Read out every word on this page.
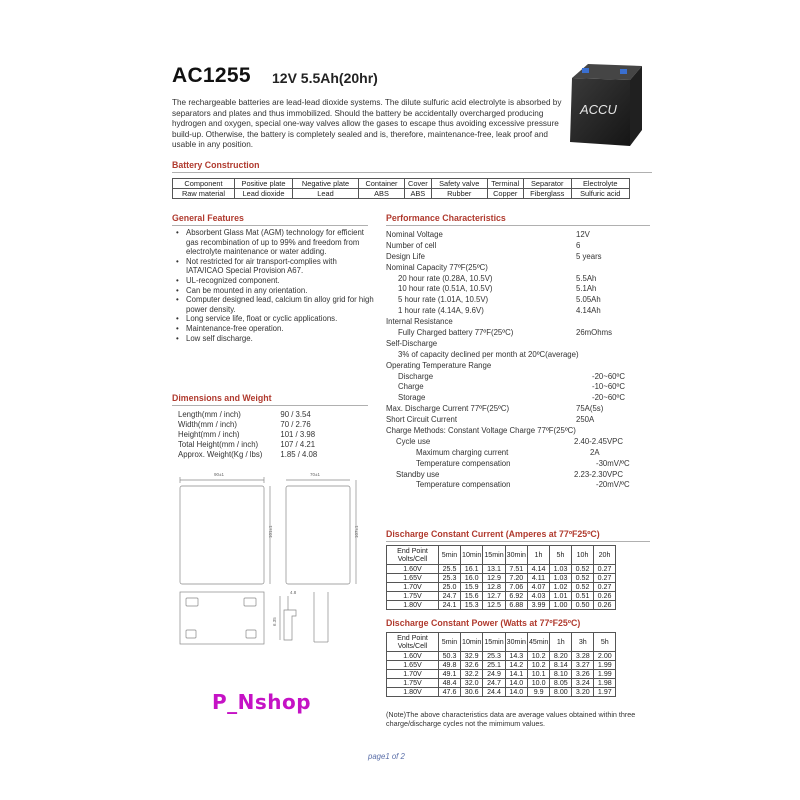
AC1255 12V 5.5Ah(20hr)
The rechargeable batteries are lead-lead dioxide systems. The dilute sulfuric acid electrolyte is absorbed by separators and plates and thus immobilized. Should the battery be accidentally overcharged producing hydrogen and oxygen, special one-way valves allow the gases to escape thus avoiding excessive pressure build-up. Otherwise, the battery is completely sealed and is, therefore, maintenance-free, leak proof and usable in any position.
ACCU
Battery Construction
Component	Positive plate	Negative plate	Container	Cover	Safety valve	Terminal	Separator	Electrolyte
Raw material	Lead dioxide	Lead	ABS	ABS	Rubber	Copper	Fiberglass	Sulfuric acid
General Features
• Absorbent Glass Mat (AGM) technology for efficient gas recombination of up to 99% and freedom from electrolyte maintenance or water adding.
• Not restricted for air transport-complies with IATA/ICAO Special Provision A67.
• UL-recognized component.
• Can be mounted in any orientation.
• Computer designed lead, calcium tin alloy grid for high power density.
• Long service life, float or cyclic applications.
• Maintenance-free operation.
• Low self discharge.
Dimensions and Weight
Length(mm / inch)	90 / 3.54
Width(mm / inch)	70 / 2.76
Height(mm / inch)	101 / 3.98
Total Height(mm / inch)	107 / 4.21
Approx. Weight(Kg / lbs)	1.85 / 4.08
90±1
101±1
70±1
107±1
4.8
6.35
Performance Characteristics
Nominal Voltage	12V
Number of cell	6
Design Life	5 years
Nominal Capacity 77ºF(25ºC)
20 hour rate (0.28A, 10.5V)	5.5Ah
10 hour rate (0.51A, 10.5V)	5.1Ah
5 hour rate (1.01A, 10.5V)	5.05Ah
1 hour rate (4.14A, 9.6V)	4.14Ah
Internal Resistance
Fully Charged battery 77ºF(25ºC)	26mOhms
Self-Discharge
3% of capacity declined per month at 20ºC(average)
Operating Temperature Range
Discharge	-20~60ºC
Charge	-10~60ºC
Storage	-20~60ºC
Max. Discharge Current 77ºF(25ºC)	75A(5s)
Short Circuit Current	250A
Charge Methods: Constant Voltage Charge 77ºF(25ºC)
Cycle use	2.40-2.45VPC
Maximum charging current	2A
Temperature compensation	-30mV/ºC
Standby use	2.23-2.30VPC
Temperature compensation	-20mV/ºC
Discharge Constant Current (Amperes at 77ºF25ºC)
End Point Volts/Cell	5min	10min	15min	30min	1h	5h	10h	20h
1.60V	25.5	16.1	13.1	7.51	4.14	1.03	0.52	0.27
1.65V	25.3	16.0	12.9	7.20	4.11	1.03	0.52	0.27
1.70V	25.0	15.9	12.8	7.06	4.07	1.02	0.52	0.27
1.75V	24.7	15.6	12.7	6.92	4.03	1.01	0.51	0.26
1.80V	24.1	15.3	12.5	6.88	3.99	1.00	0.50	0.26
Discharge Constant Power (Watts at 77ºF25ºC)
End Point Volts/Cell	5min	10min	15min	30min	45min	1h	3h	5h
1.60V	50.3	32.9	25.3	14.3	10.2	8.20	3.28	2.00
1.65V	49.8	32.6	25.1	14.2	10.2	8.14	3.27	1.99
1.70V	49.1	32.2	24.9	14.1	10.1	8.10	3.26	1.99
1.75V	48.4	32.0	24.7	14.0	10.0	8.05	3.24	1.98
1.80V	47.6	30.6	24.4	14.0	9.9	8.00	3.20	1.97
(Note)The above characteristics data are average values obtained within three charge/discharge cycles not the mimimum values.
P_Nshop
page1 of 2
